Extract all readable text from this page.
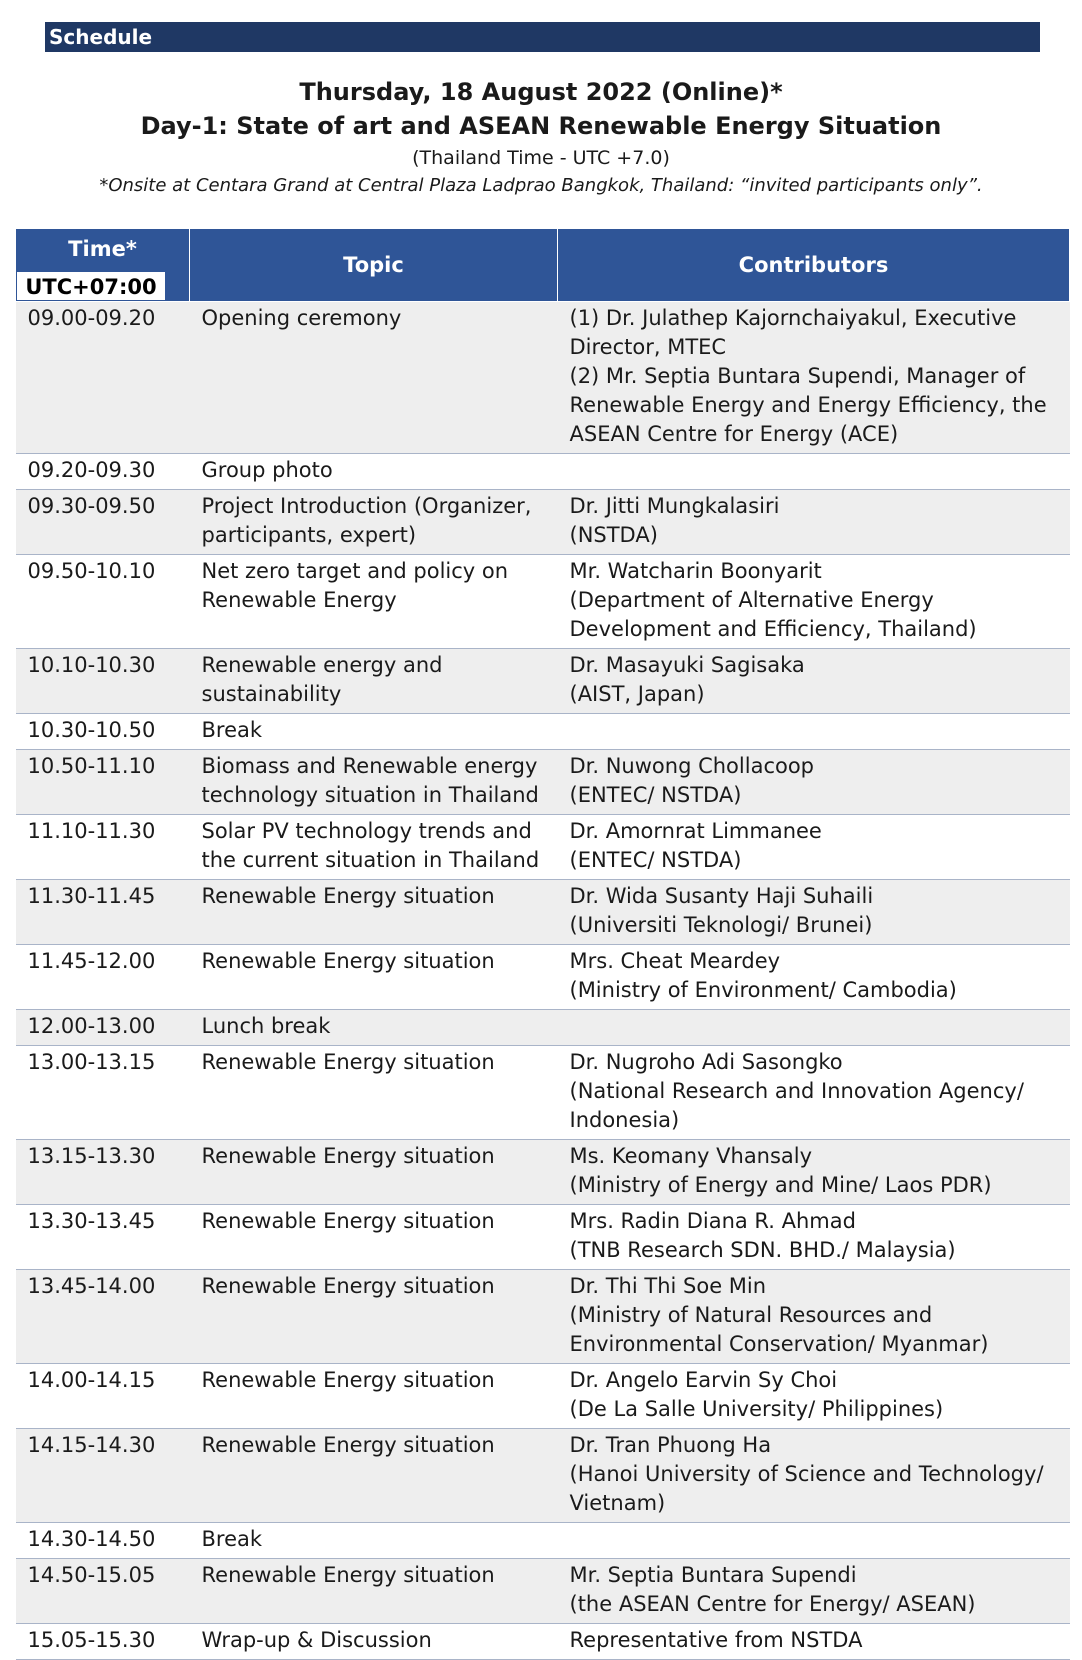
Schedule
Thursday, 18 August 2022 (Online)*
Day-1: State of art and ASEAN Renewable Energy Situation
(Thailand Time - UTC +7.0)
*Onsite at Centara Grand at Central Plaza Ladprao Bangkok, Thailand: “invited participants only”.
Time*
UTC+07:00	Topic	Contributors
09.00-09.20	Opening ceremony	(1) Dr. Julathep Kajornchaiyakul, Executive Director, MTEC
(2) Mr. Septia Buntara Supendi, Manager of Renewable Energy and Energy Efficiency, the ASEAN Centre for Energy (ACE)
09.20-09.30	Group photo	
09.30-09.50	Project Introduction (Organizer, participants, expert)	Dr. Jitti Mungkalasiri
(NSTDA)
09.50-10.10	Net zero target and policy on Renewable Energy	Mr. Watcharin Boonyarit
(Department of Alternative Energy Development and Efficiency, Thailand)
10.10-10.30	Renewable energy and sustainability	Dr. Masayuki Sagisaka
(AIST, Japan)
10.30-10.50	Break	
10.50-11.10	Biomass and Renewable energy technology situation in Thailand	Dr. Nuwong Chollacoop
(ENTEC/ NSTDA)
11.10-11.30	Solar PV technology trends and the current situation in Thailand	Dr. Amornrat Limmanee
(ENTEC/ NSTDA)
11.30-11.45	Renewable Energy situation	Dr. Wida Susanty Haji Suhaili
(Universiti Teknologi/ Brunei)
11.45-12.00	Renewable Energy situation	Mrs. Cheat Meardey
(Ministry of Environment/ Cambodia)
12.00-13.00	Lunch break	
13.00-13.15	Renewable Energy situation	Dr. Nugroho Adi Sasongko
(National Research and Innovation Agency/ Indonesia)
13.15-13.30	Renewable Energy situation	Ms. Keomany Vhansaly
(Ministry of Energy and Mine/ Laos PDR)
13.30-13.45	Renewable Energy situation	Mrs. Radin Diana R. Ahmad
(TNB Research SDN. BHD./ Malaysia)
13.45-14.00	Renewable Energy situation	Dr. Thi Thi Soe Min
(Ministry of Natural Resources and Environmental Conservation/ Myanmar)
14.00-14.15	Renewable Energy situation	Dr. Angelo Earvin Sy Choi
(De La Salle University/ Philippines)
14.15-14.30	Renewable Energy situation	Dr. Tran Phuong Ha
(Hanoi University of Science and Technology/ Vietnam)
14.30-14.50	Break	
14.50-15.05	Renewable Energy situation	Mr. Septia Buntara Supendi
(the ASEAN Centre for Energy/ ASEAN)
15.05-15.30	Wrap-up & Discussion	Representative from NSTDA
